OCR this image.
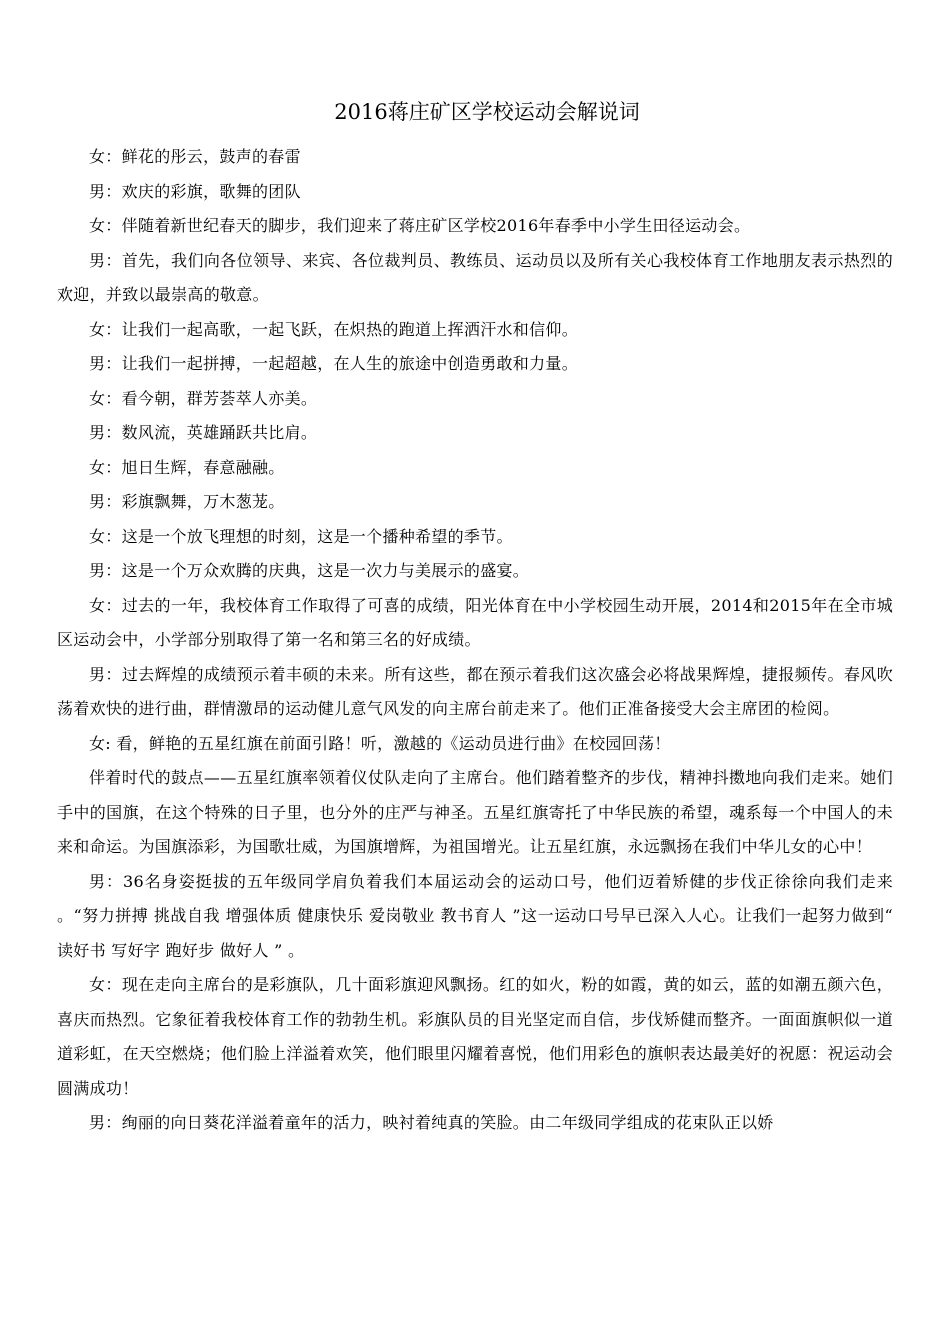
2016蒋庄矿区学校运动会解说词

女：鲜花的彤云，鼓声的春雷

男：欢庆的彩旗，歌舞的团队

女：伴随着新世纪春天的脚步，我们迎来了蒋庄矿区学校2016年春季中小学生田径运动会。

男：首先，我们向各位领导、来宾、各位裁判员、教练员、运动员以及所有关心我校体育工作地朋友表示热烈的欢迎，并致以最崇高的敬意。

女：让我们一起高歌，一起飞跃，在炽热的跑道上挥洒汗水和信仰。

男：让我们一起拼搏，一起超越，在人生的旅途中创造勇敢和力量。

女：看今朝，群芳荟萃人亦美。

男：数风流，英雄踊跃共比肩。

女：旭日生辉，春意融融。

男：彩旗飘舞，万木葱茏。

女：这是一个放飞理想的时刻，这是一个播种希望的季节。

男：这是一个万众欢腾的庆典，这是一次力与美展示的盛宴。

女：过去的一年，我校体育工作取得了可喜的成绩，阳光体育在中小学校园生动开展，2014和2015年在全市城区运动会中，小学部分别取得了第一名和第三名的好成绩。

男：过去辉煌的成绩预示着丰硕的未来。所有这些，都在预示着我们这次盛会必将战果辉煌，捷报频传。春风吹荡着欢快的进行曲，群情激昂的运动健儿意气风发的向主席台前走来了。他们正准备接受大会主席团的检阅。

女: 看，鲜艳的五星红旗在前面引路！听，激越的《运动员进行曲》在校园回荡！

伴着时代的鼓点——五星红旗率领着仪仗队走向了主席台。他们踏着整齐的步伐，精神抖擞地向我们走来。她们手中的国旗，在这个特殊的日子里，也分外的庄严与神圣。五星红旗寄托了中华民族的希望，魂系每一个中国人的未来和命运。为国旗添彩，为国歌壮威，为国旗增辉，为祖国增光。让五星红旗，永远飘扬在我们中华儿女的心中！

男：36名身姿挺拔的五年级同学肩负着我们本届运动会的运动口号，他们迈着矫健的步伐正徐徐向我们走来 。“努力拼搏 挑战自我 增强体质 健康快乐 爱岗敬业 教书育人 ”这一运动口号早已深入人心。让我们一起努力做到“ 读好书 写好字 跑好步 做好人 ” 。

女：现在走向主席台的是彩旗队，几十面彩旗迎风飘扬。红的如火，粉的如霞，黄的如云，蓝的如潮五颜六色，喜庆而热烈。它象征着我校体育工作的勃勃生机。彩旗队员的目光坚定而自信，步伐矫健而整齐。一面面旗帜似一道道彩虹，在天空燃烧；他们脸上洋溢着欢笑，他们眼里闪耀着喜悦，他们用彩色的旗帜表达最美好的祝愿：祝运动会圆满成功！

男：绚丽的向日葵花洋溢着童年的活力，映衬着纯真的笑脸。由二年级同学组成的花束队正以娇
